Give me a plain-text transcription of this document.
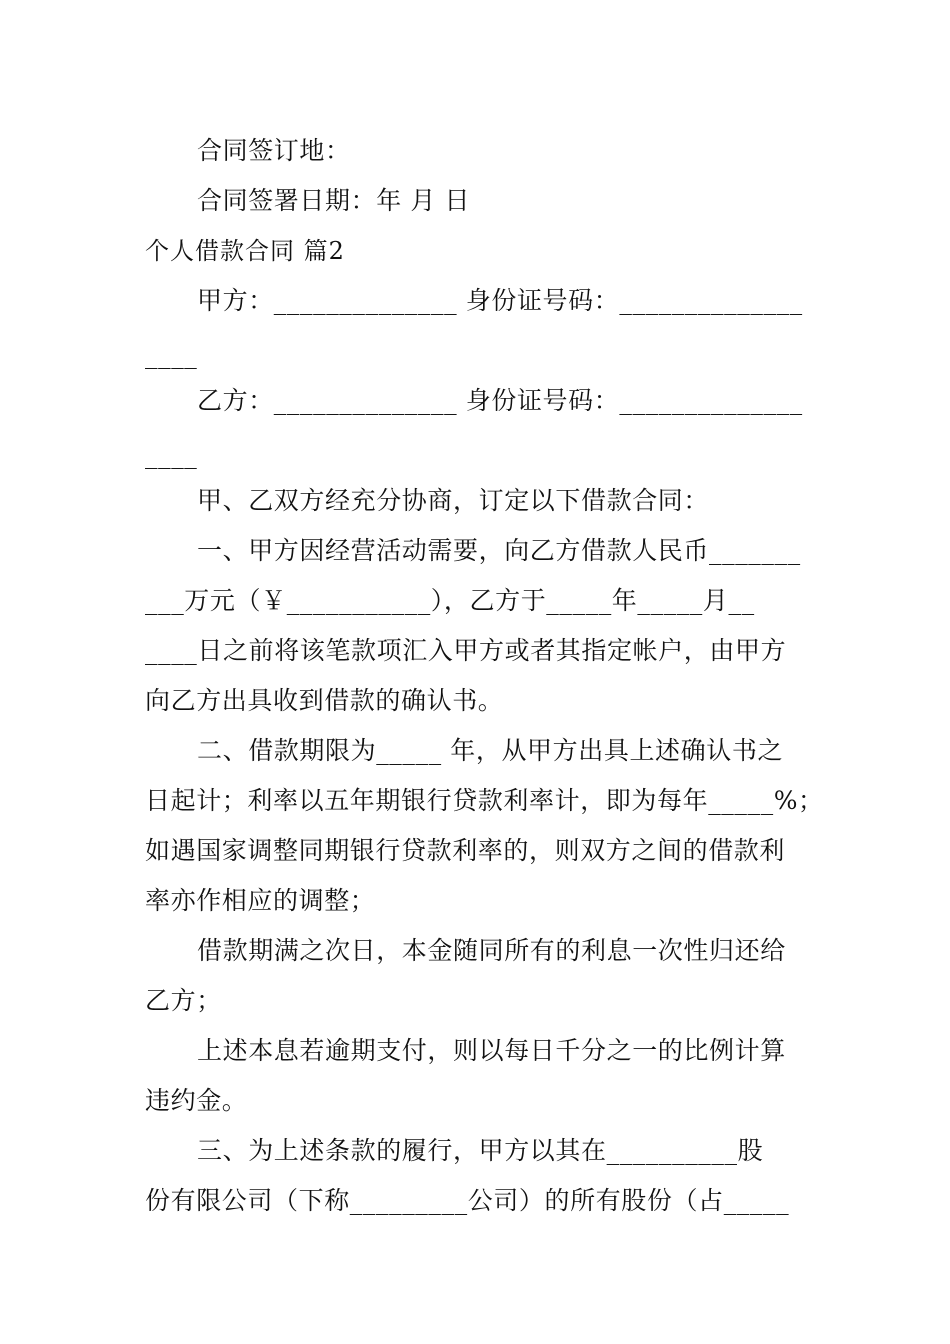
合同签订地：
合同签署日期：年 月 日
个人借款合同 篇2
甲方：______________ 身份证号码：______________
____
乙方：______________ 身份证号码：______________
____
甲、乙双方经充分协商，订定以下借款合同：
一、甲方因经营活动需要，向乙方借款人民币_______
___万元（￥___________），乙方于_____年_____月__
____日之前将该笔款项汇入甲方或者其指定帐户，由甲方
向乙方出具收到借款的确认书。
二、借款期限为_____ 年，从甲方出具上述确认书之
日起计；利率以五年期银行贷款利率计，即为每年_____%；
如遇国家调整同期银行贷款利率的，则双方之间的借款利
率亦作相应的调整；
借款期满之次日，本金随同所有的利息一次性归还给
乙方；
上述本息若逾期支付，则以每日千分之一的比例计算
违约金。
三、为上述条款的履行，甲方以其在__________股
份有限公司（下称_________公司）的所有股份（占_____
